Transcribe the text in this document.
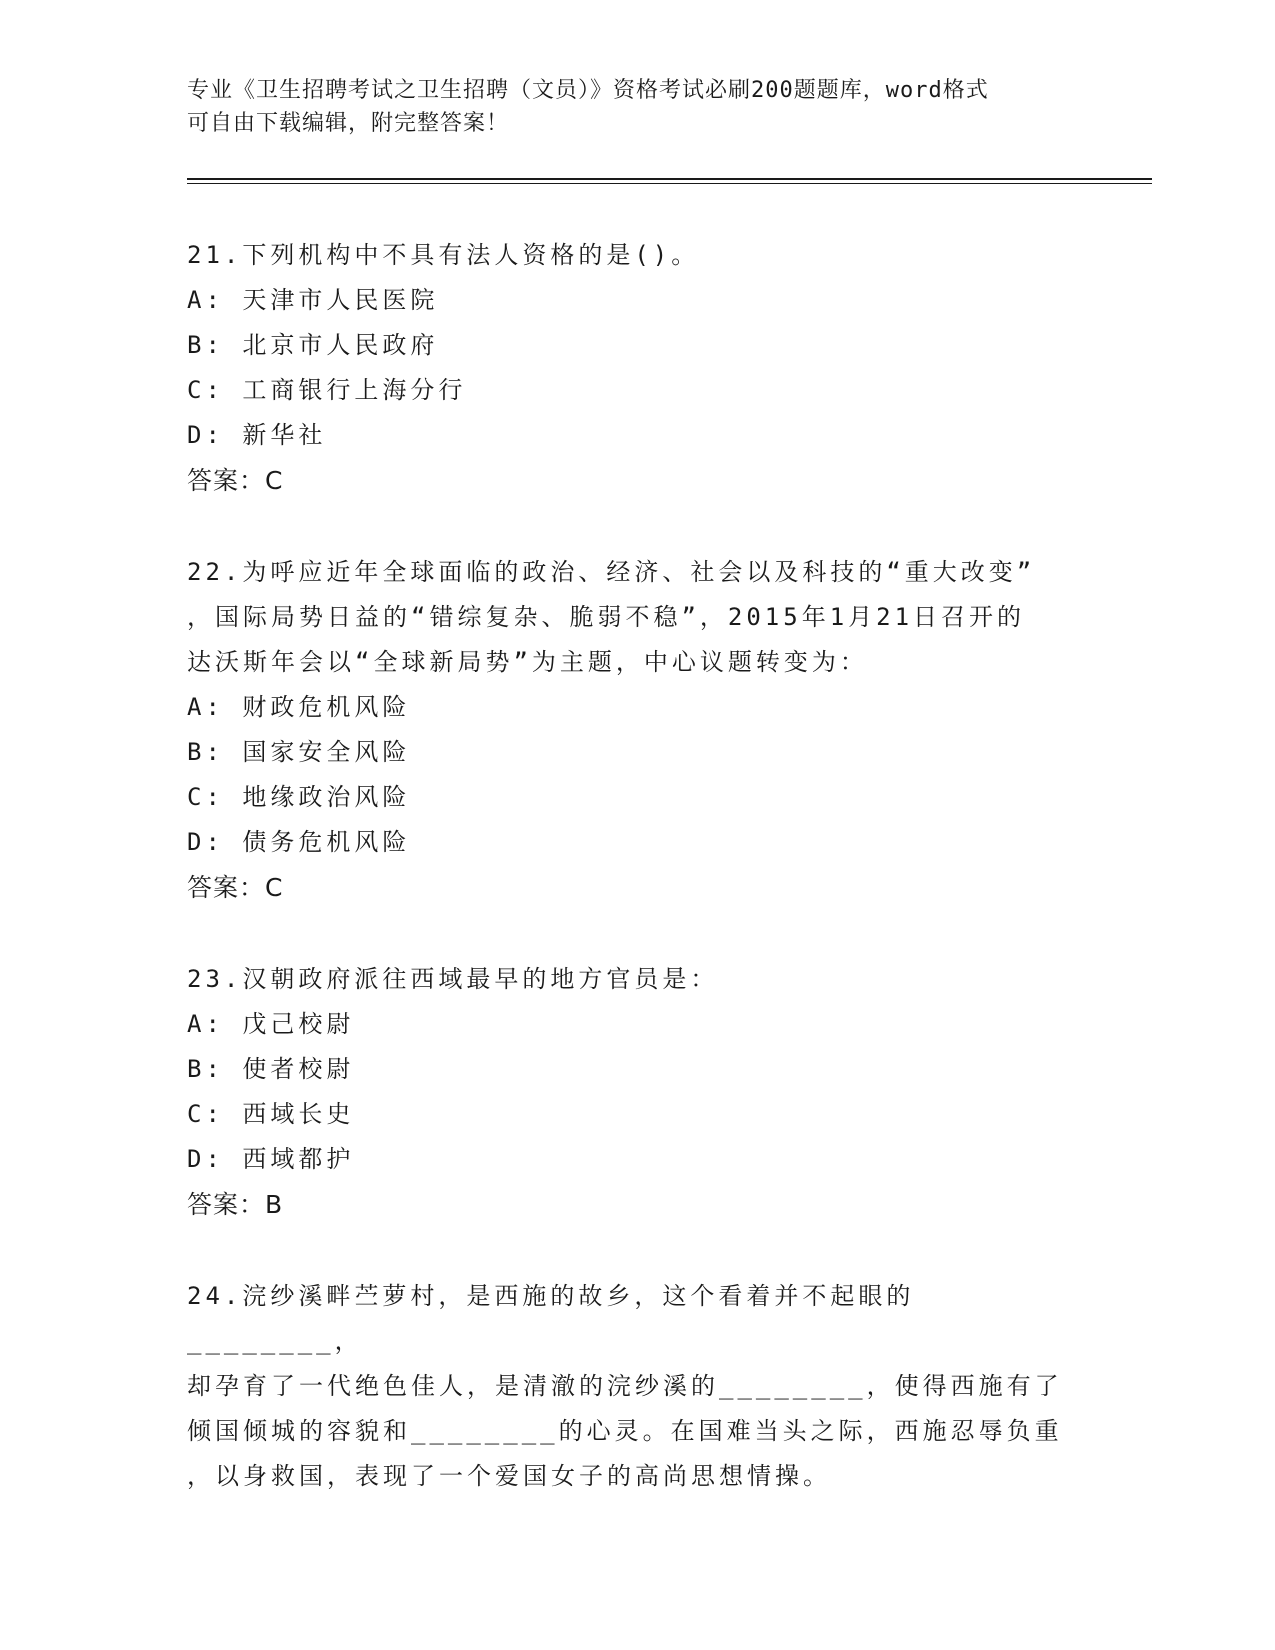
专业《卫生招聘考试之卫生招聘（文员）》资格考试必刷200题题库，word格式
可自由下载编辑，附完整答案！
21.下列机构中不具有法人资格的是()。
A: 天津市人民医院
B: 北京市人民政府
C: 工商银行上海分行
D: 新华社
答案：C
22.为呼应近年全球面临的政治、经济、社会以及科技的“重大改变”
，国际局势日益的“错综复杂、脆弱不稳”，2015年1月21日召开的
达沃斯年会以“全球新局势”为主题，中心议题转变为：
A: 财政危机风险
B: 国家安全风险
C: 地缘政治风险
D: 债务危机风险
答案：C
23.汉朝政府派往西域最早的地方官员是：
A: 戊己校尉
B: 使者校尉
C: 西域长史
D: 西域都护
答案：B
24.浣纱溪畔苎萝村，是西施的故乡，这个看着并不起眼的________，
却孕育了一代绝色佳人，是清澈的浣纱溪的________，使得西施有了
倾国倾城的容貌和________的心灵。在国难当头之际，西施忍辱负重
，以身救国，表现了一个爱国女子的高尚思想情操。
